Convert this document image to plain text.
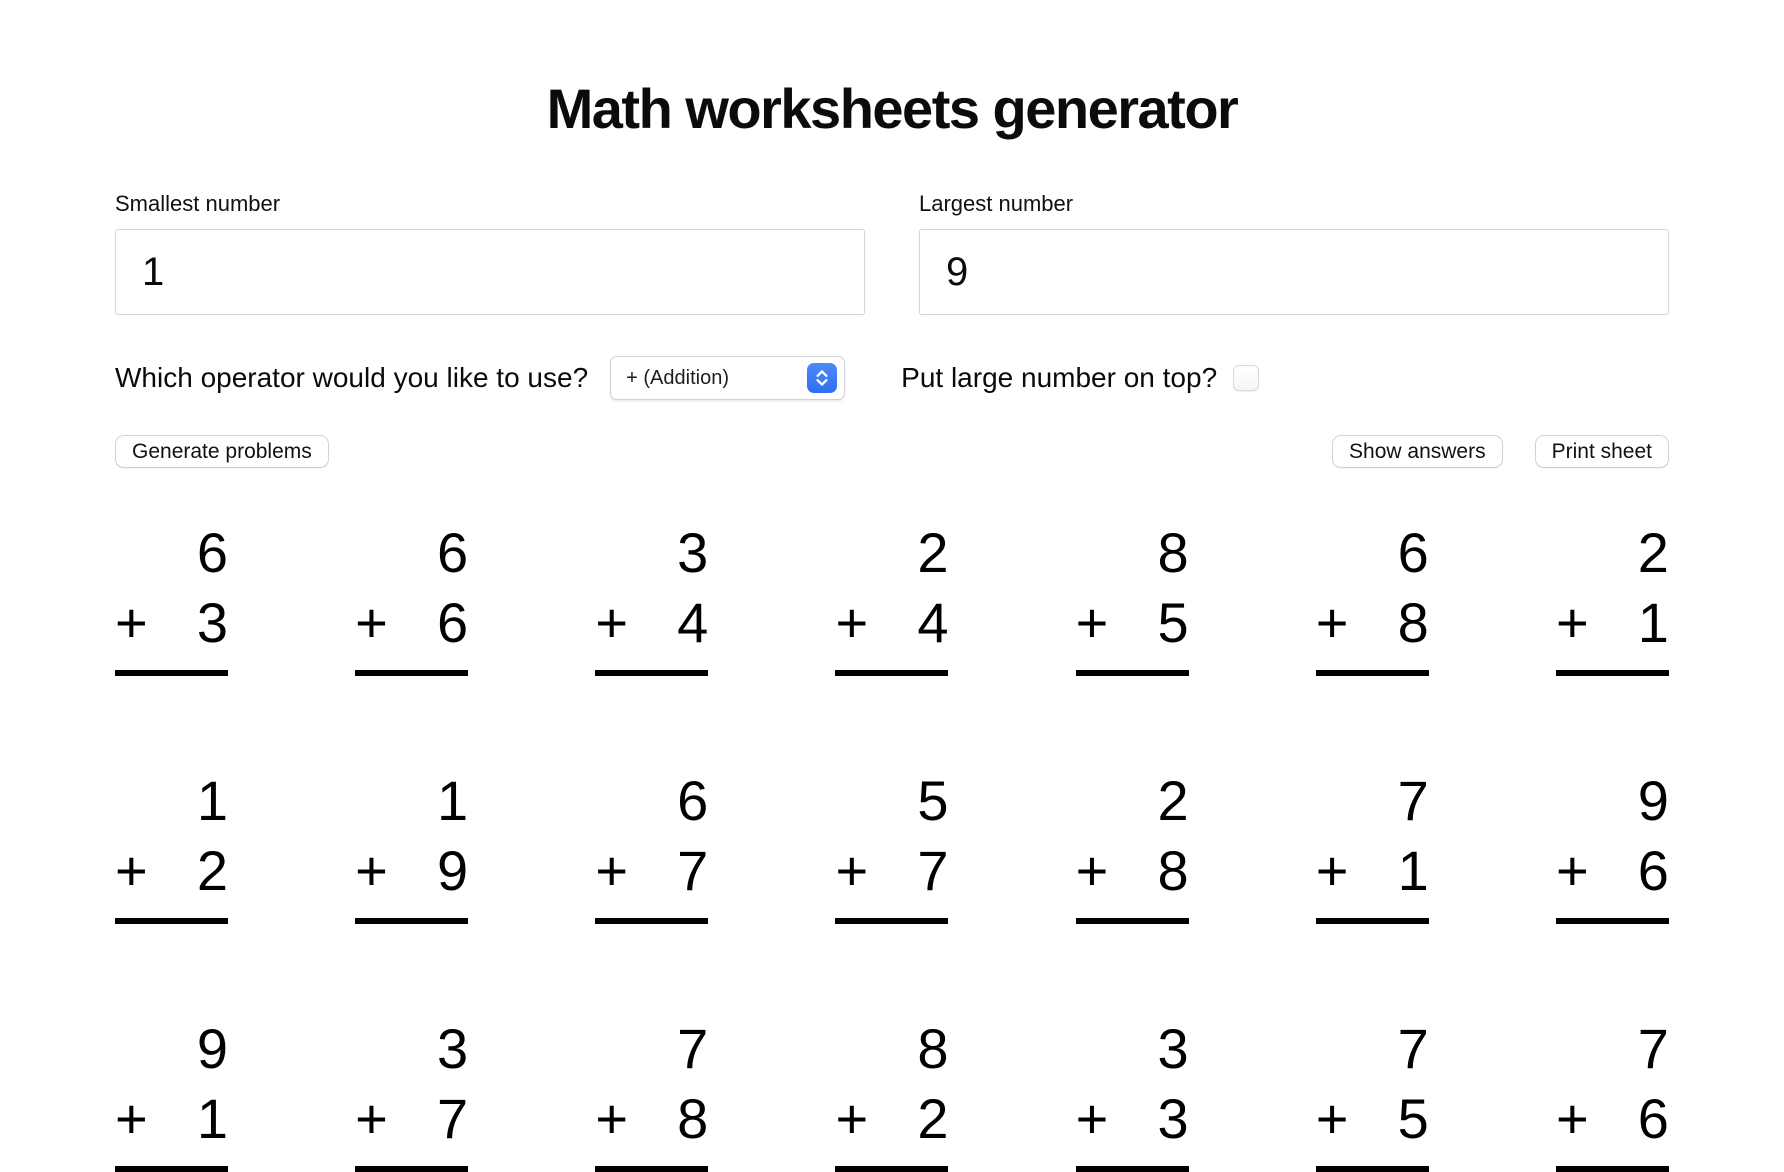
Math worksheets generator
Smallest number
1	Largest number
9
Which operator would you like to use? + (Addition)	Put large number on top?
Generate problems	Show answers	Print sheet
6
+ 3
6
+ 6
3
+ 4
2
+ 4
8
+ 5
6
+ 8
2
+ 1
1
+ 2
1
+ 9
6
+ 7
5
+ 7
2
+ 8
7
+ 1
9
+ 6
9
+ 1
3
+ 7
7
+ 8
8
+ 2
3
+ 3
7
+ 5
7
+ 6
